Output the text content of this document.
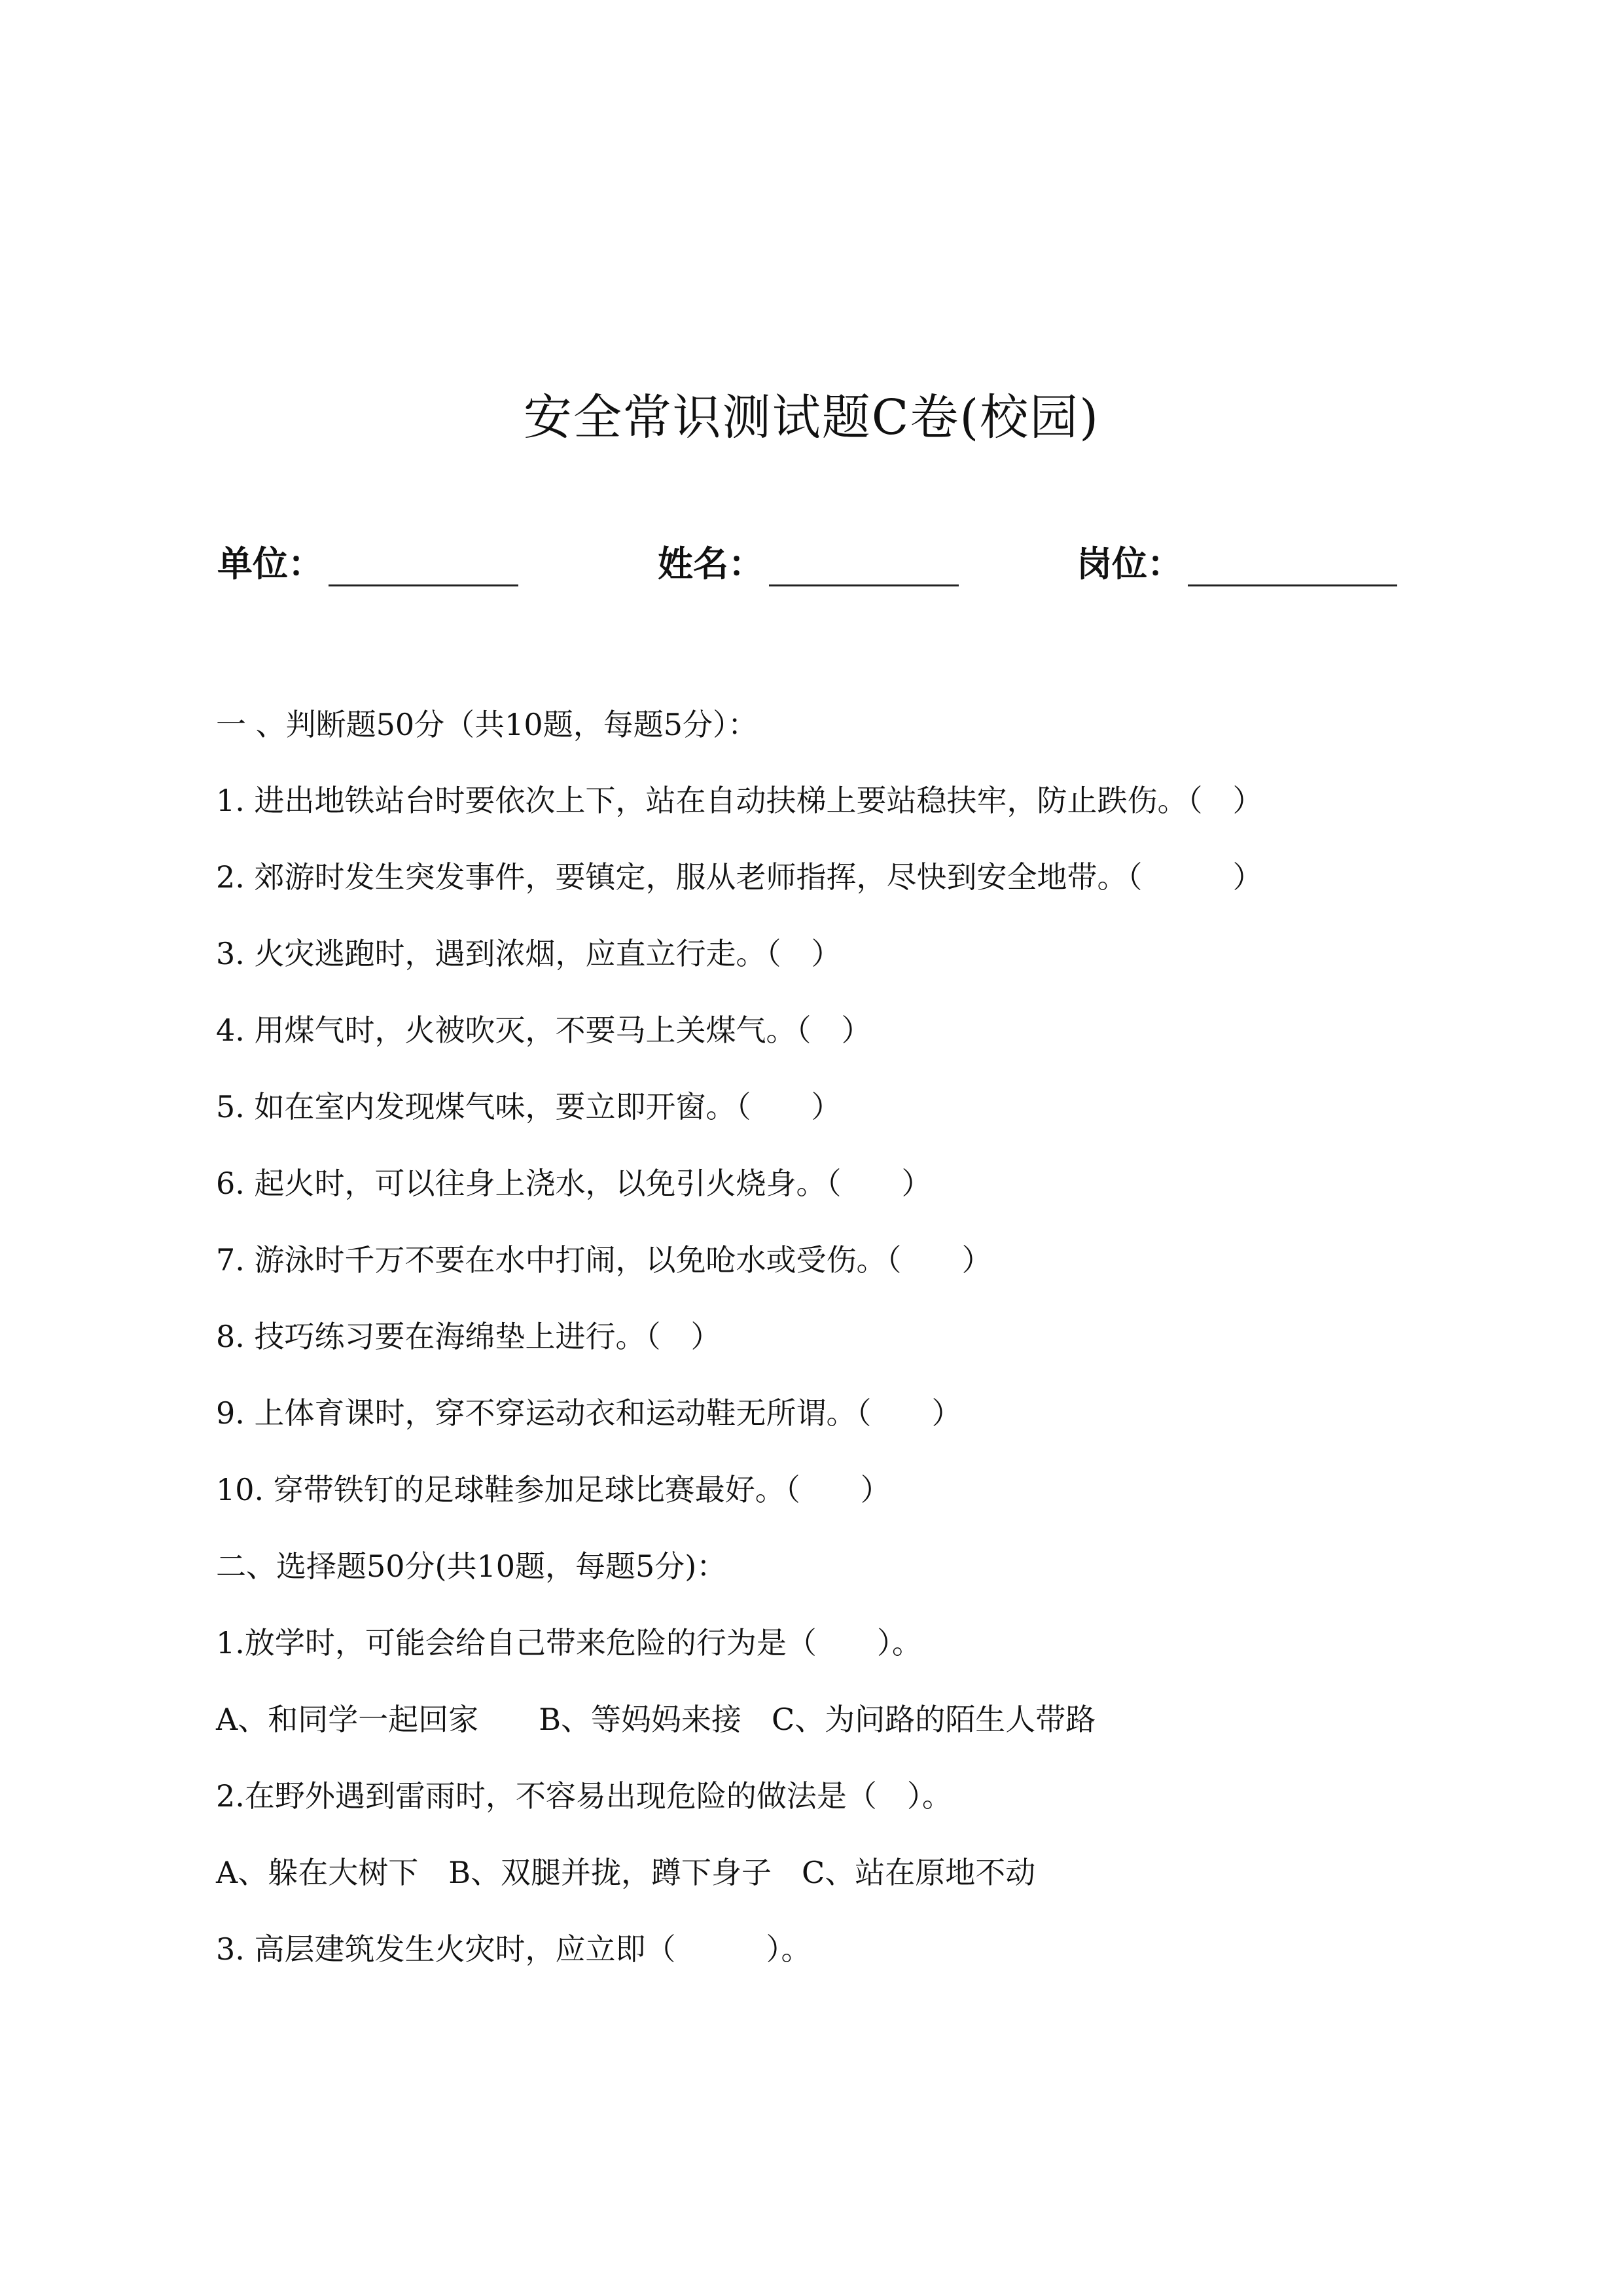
安全常识测试题C卷(校园)
单位：	姓名：	岗位：

一 、判断题50分（共10题，每题5分）：

1. 进出地铁站台时要依次上下，站在自动扶梯上要站稳扶牢，防止跌伤。（　）

2. 郊游时发生突发事件，要镇定，服从老师指挥，尽快到安全地带。（　　　）

3. 火灾逃跑时，遇到浓烟，应直立行走。（　）

4. 用煤气时，火被吹灭，不要马上关煤气。（　）

5. 如在室内发现煤气味，要立即开窗。（　　）

6. 起火时，可以往身上浇水，以免引火烧身。（　　）

7. 游泳时千万不要在水中打闹，以免呛水或受伤。（　　）

8. 技巧练习要在海绵垫上进行。（　）

9. 上体育课时，穿不穿运动衣和运动鞋无所谓。（　　）

10. 穿带铁钉的足球鞋参加足球比赛最好。（　　）

二、选择题50分(共10题，每题5分)：

1.放学时，可能会给自己带来危险的行为是（　　）。

A、和同学一起回家　　B、等妈妈来接　C、为问路的陌生人带路

2.在野外遇到雷雨时，不容易出现危险的做法是（　）。

A、躲在大树下　B、双腿并拢，蹲下身子　C、站在原地不动

3. 高层建筑发生火灾时，应立即（　　　）。
